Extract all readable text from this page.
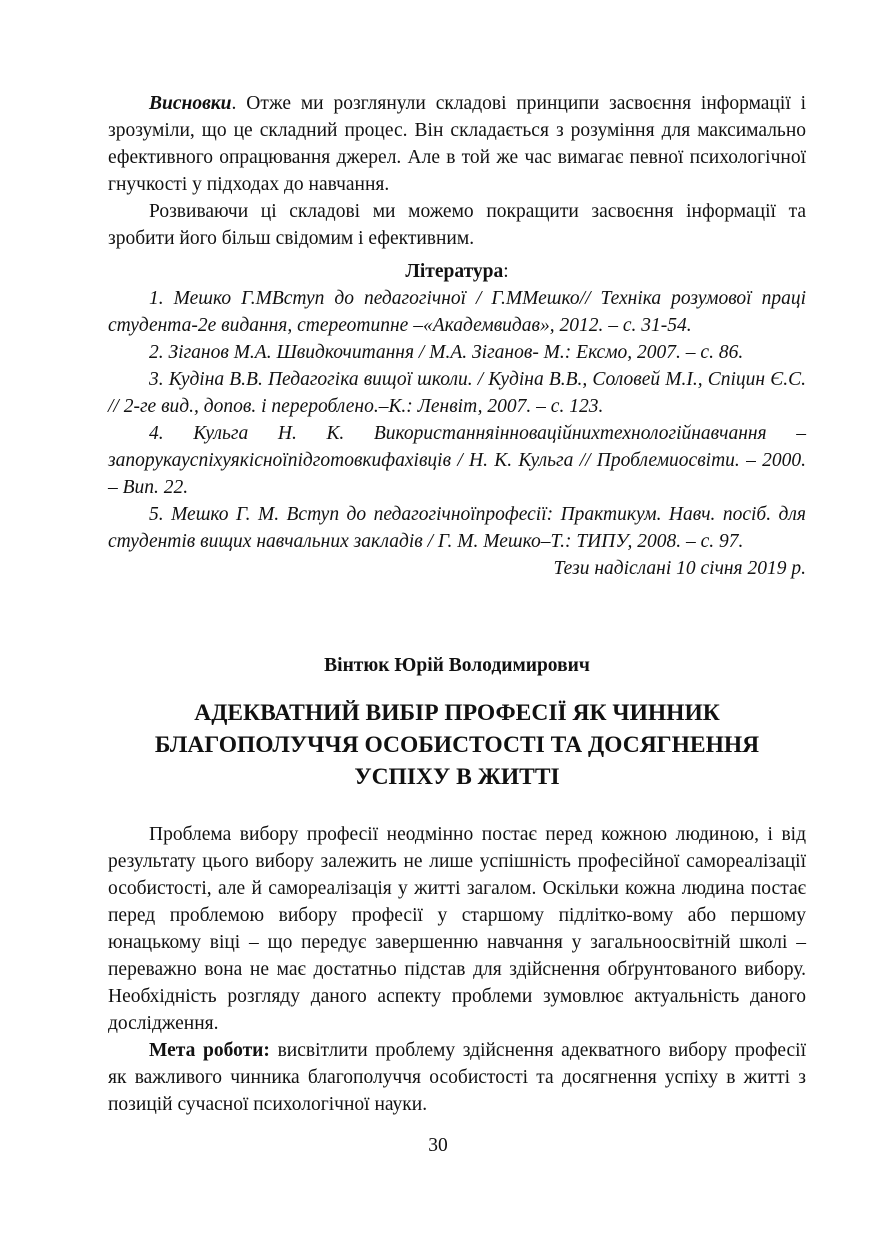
Висновки. Отже ми розглянули складові принципи засвоєння інформації і зрозуміли, що це складний процес. Він складається з розуміння для максимально ефективного опрацювання джерел. Але в той же час вимагає певної психологічної гнучкості у підходах до навчання.

Розвиваючи ці складові ми можемо покращити засвоєння інформації та зробити його більш свідомим і ефективним.

Література:

1. Мешко Г.МВступ до педагогічної / Г.ММешко// Техніка розумової праці студента-2е видання, стереотипне –«Академвидав», 2012. – с. 31-54.

2. Зіганов М.А. Швидкочитання / М.А. Зіганов- М.: Ексмо, 2007. – с. 86.

3. Кудіна В.В. Педагогіка вищої школи. / Кудіна В.В., Соловей М.І., Спіцин Є.С. // 2-ге вид., допов. і перероблено.–К.: Ленвіт, 2007. – с. 123.

4. Кульга Н. К. Використанняінноваційнихтехнологійнавчання – запорукауспіхуякісноїпідготовкифахівців / Н. К. Кульга // Проблемиосвіти. – 2000. – Вип. 22.

5. Мешко Г. М. Вступ до педагогічноїпрофесії: Практикум. Навч. посіб. для студентів вищих навчальних закладів / Г. М. Мешко–Т.: ТИПУ, 2008. – с. 97.

Тези надіслані 10 січня 2019 р.

Вінтюк Юрій Володимирович

АДЕКВАТНИЙ ВИБІР ПРОФЕСІЇ ЯК ЧИННИК
БЛАГОПОЛУЧЧЯ ОСОБИСТОСТІ ТА ДОСЯГНЕННЯ
УСПІХУ В ЖИТТІ

Проблема вибору професії неодмінно постає перед кожною людиною, і від результату цього вибору залежить не лише успішність професійної самореалізації особистості, але й самореалізація у житті загалом. Оскільки кожна людина постає перед проблемою вибору професії у старшому підлітко-вому або першому юнацькому віці – що передує завершенню навчання у загальноосвітній школі – переважно вона не має достатньо підстав для здійснення обґрунтованого вибору. Необхідність розгляду даного аспекту проблеми зумовлює актуальність даного дослідження.

Мета роботи: висвітлити проблему здійснення адекватного вибору професії як важливого чинника благополуччя особистості та досягнення успіху в житті з позицій сучасної психологічної науки.

30
